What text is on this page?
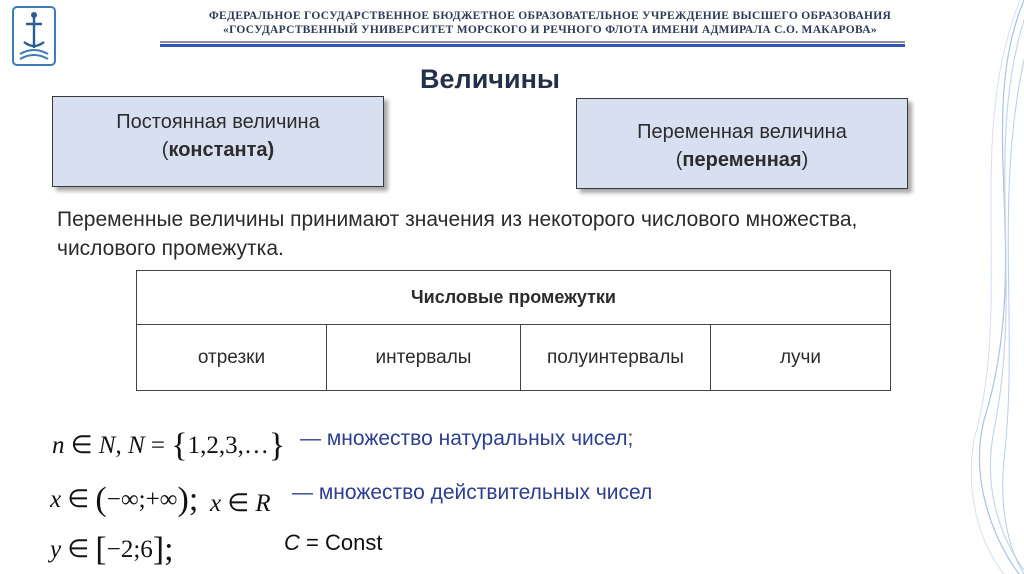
ФЕДЕРАЛЬНОЕ ГОСУДАРСТВЕННОЕ БЮДЖЕТНОЕ ОБРАЗОВАТЕЛЬНОЕ УЧРЕЖДЕНИЕ ВЫСШЕГО ОБРАЗОВАНИЯ
«ГОСУДАРСТВЕННЫЙ УНИВЕРСИТЕТ МОРСКОГО И РЕЧНОГО ФЛОТА ИМЕНИ АДМИРАЛА С.О. МАКАРОВА»
Величины
Постоянная величина
(константа)
Переменная величина
(переменная)
Переменные величины принимают значения из некоторого числового множества, числового промежутка.
Числовые промежутки
отрезки	интервалы	полуинтервалы	лучи
n ∈ N, N = {1,2,3,…} — множество натуральных чисел;
x ∈ (−∞;+∞); x ∈ R — множество действительных чисел
y ∈ [−2;6];	C = Const
